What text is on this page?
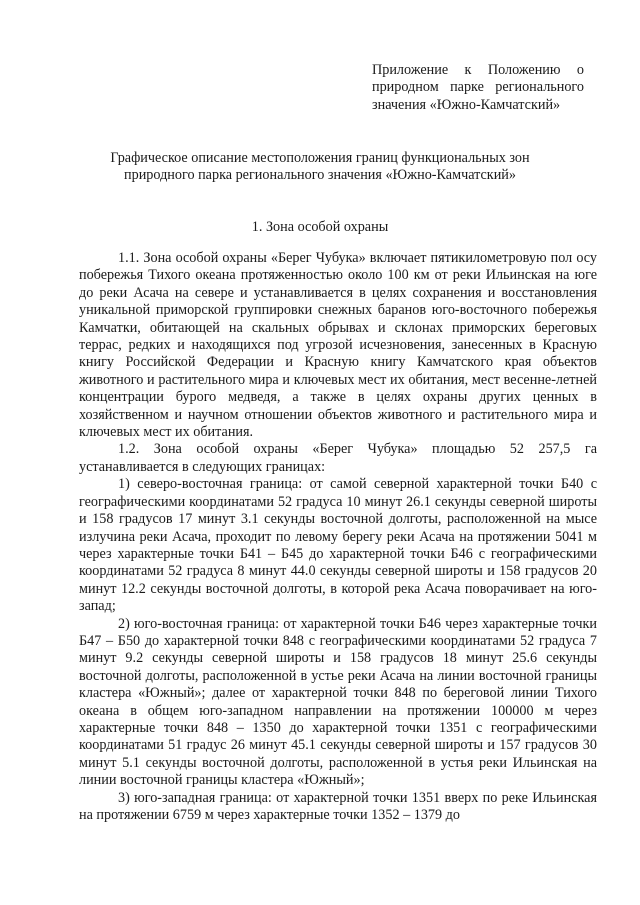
Приложение к Положению о природном парке регионального значения «Южно-Камчатский»
Графическое описание местоположения границ функциональных зон природного парка регионального значения «Южно-Камчатский»
1. Зона особой охраны

1.1. Зона особой охраны «Берег Чубука» включает пятикилометровую пол осу побережья Тихого океана протяженностью около 100 км от реки Ильинская на юге до реки Асача на севере и устанавливается в целях сохранения и восстановления уникальной приморской группировки снежных баранов юго-восточного побережья Камчатки, обитающей на скальных обрывах и склонах приморских береговых террас, редких и находящихся под угрозой исчезновения, занесенных в Красную книгу Российской Федерации и Красную книгу Камчатского края объектов животного и растительного мира и ключевых мест их обитания, мест весенне-летней концентрации бурого медведя, а также в целях охраны других ценных в хозяйственном и научном отношении объектов животного и растительного мира и ключевых мест их обитания.

1.2. Зона особой охраны «Берег Чубука» площадью 52 257,5 га устанавливается в следующих границах:

1) северо-восточная граница: от самой северной характерной точки Б40 с географическими координатами 52 градуса 10 минут 26.1 секунды северной широты и 158 градусов 17 минут 3.1 секунды восточной долготы, расположенной на мысе излучина реки Асача, проходит по левому берегу реки Асача на протяжении 5041 м через характерные точки Б41 – Б45 до характерной точки Б46 с географическими координатами 52 градуса 8 минут 44.0 секунды северной широты и 158 градусов 20 минут 12.2 секунды восточной долготы, в которой река Асача поворачивает на юго-запад;

2) юго-восточная граница: от характерной точки Б46 через характерные точки Б47 – Б50 до характерной точки 848 с географическими координатами 52 градуса 7 минут 9.2 секунды северной широты и 158 градусов 18 минут 25.6 секунды восточной долготы, расположенной в устье реки Асача на линии восточной границы кластера «Южный»; далее от характерной точки 848 по береговой линии Тихого океана в общем юго-западном направлении на протяжении 100000 м через характерные точки 848 – 1350 до характерной точки 1351 с географическими координатами 51 градус 26 минут 45.1 секунды северной широты и 157 градусов 30 минут 5.1 секунды восточной долготы, расположенной в устья реки Ильинская на линии восточной границы кластера «Южный»;

3) юго-западная граница: от характерной точки 1351 вверх по реке Ильинская на протяжении 6759 м через характерные точки 1352 – 1379 до
